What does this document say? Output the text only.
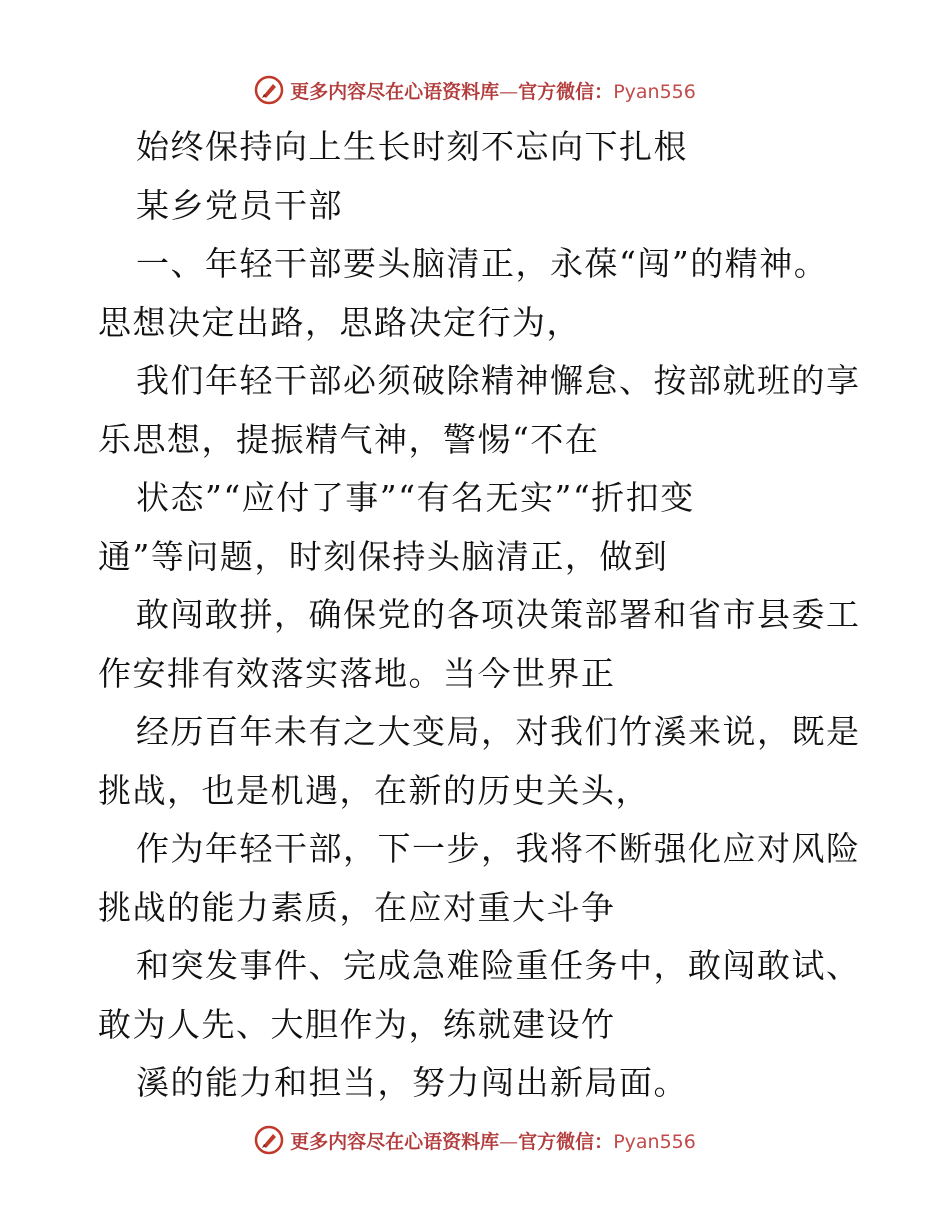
更多内容尽在心语资料库—官方微信：Pyan556
始终保持向上生长时刻不忘向下扎根
某乡党员干部
一、年轻干部要头脑清正，永葆“闯”的精神。
思想决定出路，思路决定行为，
我们年轻干部必须破除精神懈怠、按部就班的享
乐思想，提振精气神，警惕“不在
状态”“应付了事”“有名无实”“折扣变
通”等问题，时刻保持头脑清正，做到
敢闯敢拼，确保党的各项决策部署和省市县委工
作安排有效落实落地。当今世界正
经历百年未有之大变局，对我们竹溪来说，既是
挑战，也是机遇，在新的历史关头，
作为年轻干部，下一步，我将不断强化应对风险
挑战的能力素质，在应对重大斗争
和突发事件、完成急难险重任务中，敢闯敢试、
敢为人先、大胆作为，练就建设竹
溪的能力和担当，努力闯出新局面。
更多内容尽在心语资料库—官方微信：Pyan556
